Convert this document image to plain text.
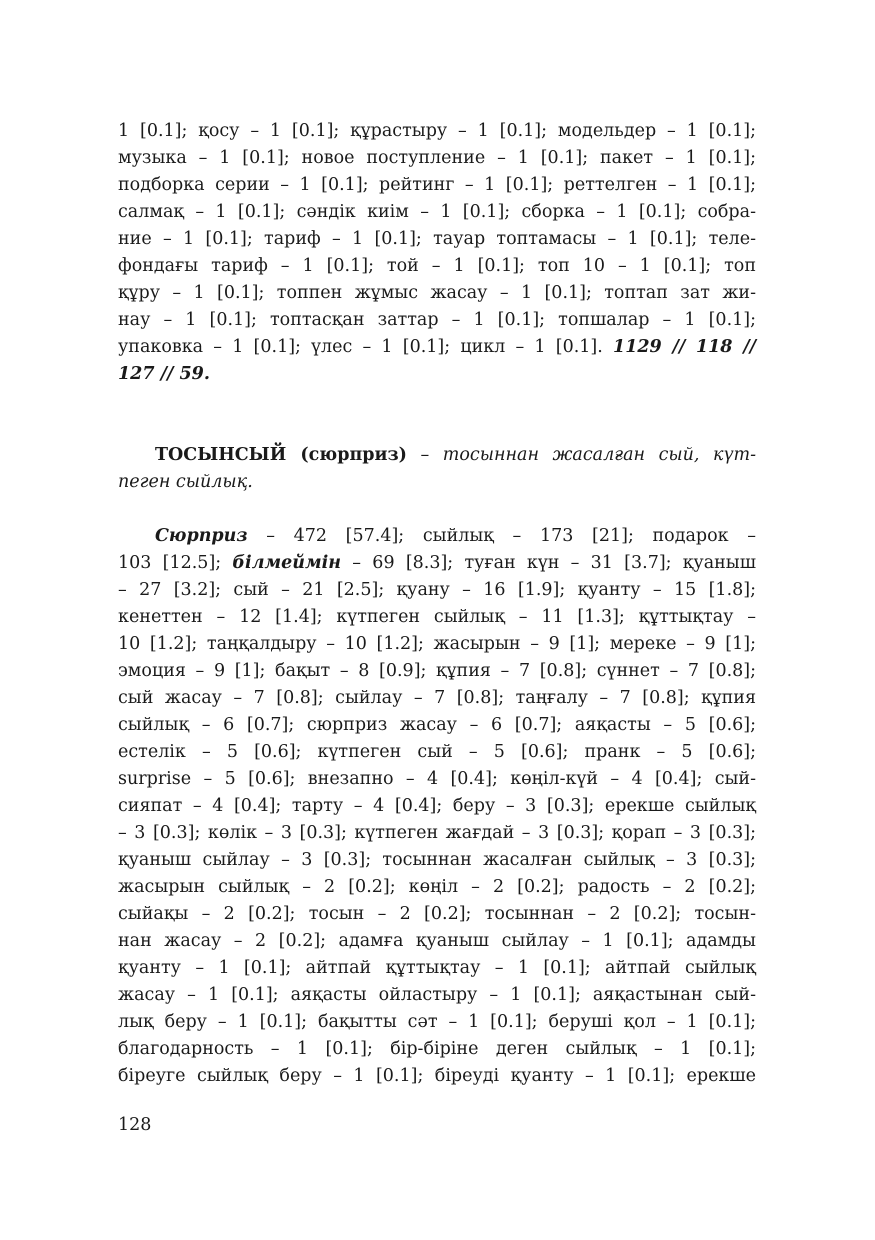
1 [0.1]; қосу – 1 [0.1]; құрастыру – 1 [0.1]; модельдер – 1 [0.1];
музыка – 1 [0.1]; новое поступление – 1 [0.1]; пакет – 1 [0.1];
подборка серии – 1 [0.1]; рейтинг – 1 [0.1]; реттелген – 1 [0.1];
салмақ – 1 [0.1]; сәндік киім – 1 [0.1]; сборка – 1 [0.1]; собра-
ние – 1 [0.1]; тариф – 1 [0.1]; тауар топтамасы – 1 [0.1]; теле-
фондағы тариф – 1 [0.1]; той – 1 [0.1]; топ 10 – 1 [0.1]; топ
құру – 1 [0.1]; топпен жұмыс жасау – 1 [0.1]; топтап зат жи-
нау – 1 [0.1]; топтасқан заттар – 1 [0.1]; топшалар – 1 [0.1];
упаковка – 1 [0.1]; үлес – 1 [0.1]; цикл – 1 [0.1]. 1129 // 118 //
127 // 59.
ТОСЫНСЫЙ (сюрприз) – тосыннан жасалған сый, күт-
пеген сыйлық.
Сюрприз – 472 [57.4]; сыйлық – 173 [21]; подарок –
103 [12.5]; білмеймін – 69 [8.3]; туған күн – 31 [3.7]; қуаныш
– 27 [3.2]; сый – 21 [2.5]; қуану – 16 [1.9]; қуанту – 15 [1.8];
кенеттен – 12 [1.4]; күтпеген сыйлық – 11 [1.3]; құттықтау –
10 [1.2]; таңқалдыру – 10 [1.2]; жасырын – 9 [1]; мереке – 9 [1];
эмоция – 9 [1]; бақыт – 8 [0.9]; құпия – 7 [0.8]; сүннет – 7 [0.8];
сый жасау – 7 [0.8]; сыйлау – 7 [0.8]; таңғалу – 7 [0.8]; құпия
сыйлық – 6 [0.7]; сюрприз жасау – 6 [0.7]; аяқасты – 5 [0.6];
естелік – 5 [0.6]; күтпеген сый – 5 [0.6]; пранк – 5 [0.6];
surprise – 5 [0.6]; внезапно – 4 [0.4]; көңіл-күй – 4 [0.4]; сый-
сияпат – 4 [0.4]; тарту – 4 [0.4]; беру – 3 [0.3]; ерекше сыйлық
– 3 [0.3]; көлік – 3 [0.3]; күтпеген жағдай – 3 [0.3]; қорап – 3 [0.3];
қуаныш сыйлау – 3 [0.3]; тосыннан жасалған сыйлық – 3 [0.3];
жасырын сыйлық – 2 [0.2]; көңіл – 2 [0.2]; радость – 2 [0.2];
сыйақы – 2 [0.2]; тосын – 2 [0.2]; тосыннан – 2 [0.2]; тосын-
нан жасау – 2 [0.2]; адамға қуаныш сыйлау – 1 [0.1]; адамды
қуанту – 1 [0.1]; айтпай құттықтау – 1 [0.1]; айтпай сыйлық
жасау – 1 [0.1]; аяқасты ойластыру – 1 [0.1]; аяқастынан сый-
лық беру – 1 [0.1]; бақытты сәт – 1 [0.1]; беруші қол – 1 [0.1];
благодарность – 1 [0.1]; бір-біріне деген сыйлық – 1 [0.1];
біреуге сыйлық беру – 1 [0.1]; біреуді қуанту – 1 [0.1]; ерекше
128
